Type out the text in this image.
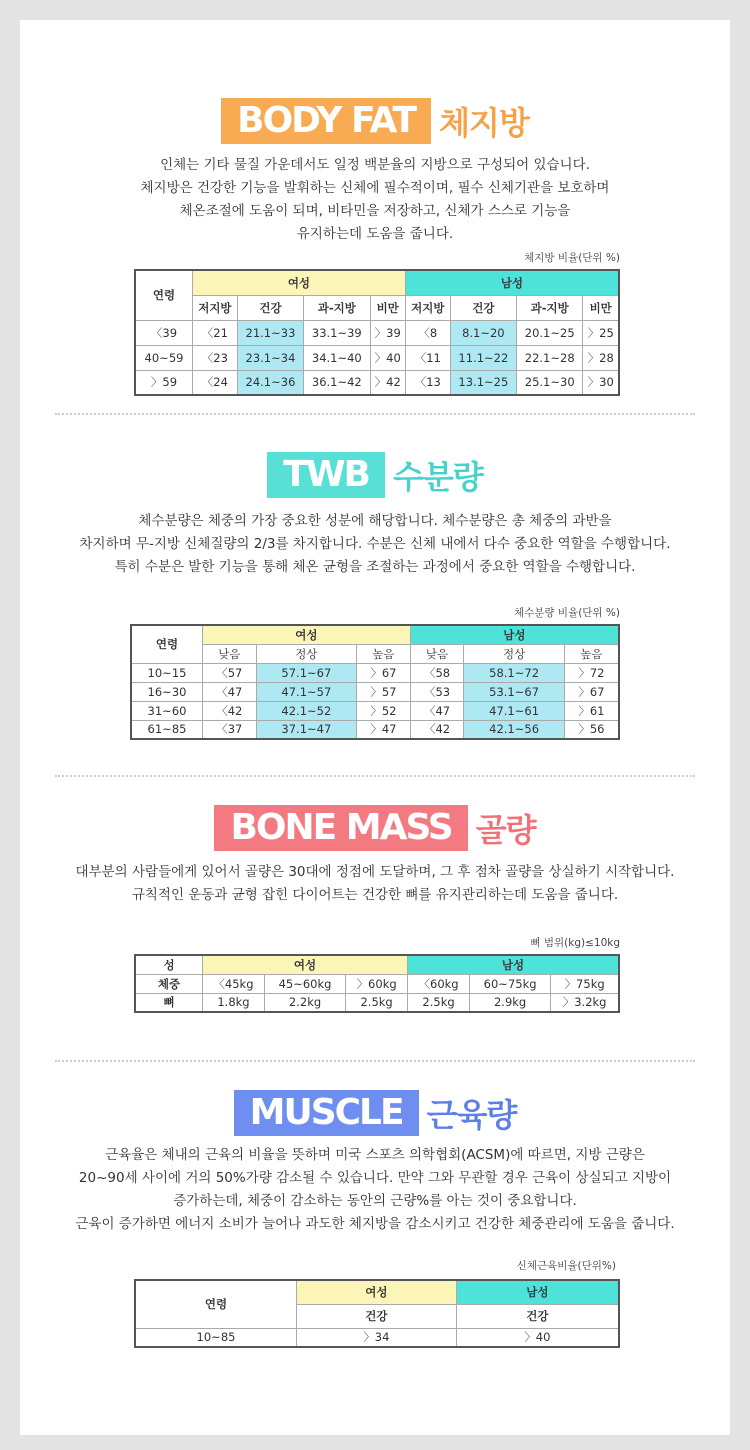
BODY FAT 체지방

인체는 기타 물질 가운데서도 일정 백분율의 지방으로 구성되어 있습니다.

체지방은 건강한 기능을 발휘하는 신체에 필수적이며, 필수 신체기관을 보호하며

체온조절에 도움이 되며, 비타민을 저장하고, 신체가 스스로 기능을

유지하는데 도움을 줍니다.

체지방 비율(단위 %)
연령	여성				남성			
	저지방	건강	과-지방	비만	저지방	건강	과-지방	비만
〈39	〈21	21.1~33	33.1~39	〉39	〈8	8.1~20	20.1~25	〉25
40~59	〈23	23.1~34	34.1~40	〉40	〈11	11.1~22	22.1~28	〉28
〉59	〈24	24.1~36	36.1~42	〉42	〈13	13.1~25	25.1~30	〉30
TWB 수분량

체수분량은 체중의 가장 중요한 성분에 해당합니다. 체수분량은 총 체중의 과반을

차지하며 무-지방 신체질량의 2/3를 차지합니다. 수분은 신체 내에서 다수 중요한 역할을 수행합니다.

특히 수분은 발한 기능을 통해 체온 균형을 조절하는 과정에서 중요한 역할을 수행합니다.

체수분량 비율(단위 %)
연령	여성			남성		
	낮음	정상	높음	낮음	정상	높음
10~15	〈57	57.1~67	〉67	〈58	58.1~72	〉72
16~30	〈47	47.1~57	〉57	〈53	53.1~67	〉67
31~60	〈42	42.1~52	〉52	〈47	47.1~61	〉61
61~85	〈37	37.1~47	〉47	〈42	42.1~56	〉56
BONE MASS 골량

대부분의 사람들에게 있어서 골량은 30대에 정점에 도달하며, 그 후 점차 골량을 상실하기 시작합니다.

규칙적인 운동과 균형 잡힌 다이어트는 건강한 뼈를 유지관리하는데 도움을 줍니다.

뼈 범위(kg)≤10kg
성	여성			남성		
체중	〈45kg	45~60kg	〉60kg	〈60kg	60~75kg	〉75kg
뼈	1.8kg	2.2kg	2.5kg	2.5kg	2.9kg	〉3.2kg
MUSCLE 근육량

근육율은 체내의 근육의 비율을 뜻하며 미국 스포츠 의학협회(ACSM)에 따르면, 지방 근량은

20~90세 사이에 거의 50%가량 감소될 수 있습니다. 만약 그와 무관할 경우 근육이 상실되고 지방이

증가하는데, 체중이 감소하는 동안의 근량%를 아는 것이 중요합니다.

근육이 증가하면 에너지 소비가 늘어나 과도한 체지방을 감소시키고 건강한 체중관리에 도움을 줍니다.

신체근육비율(단위%)
연령	여성	남성
	건강	건강
10~85	〉34	〉40
